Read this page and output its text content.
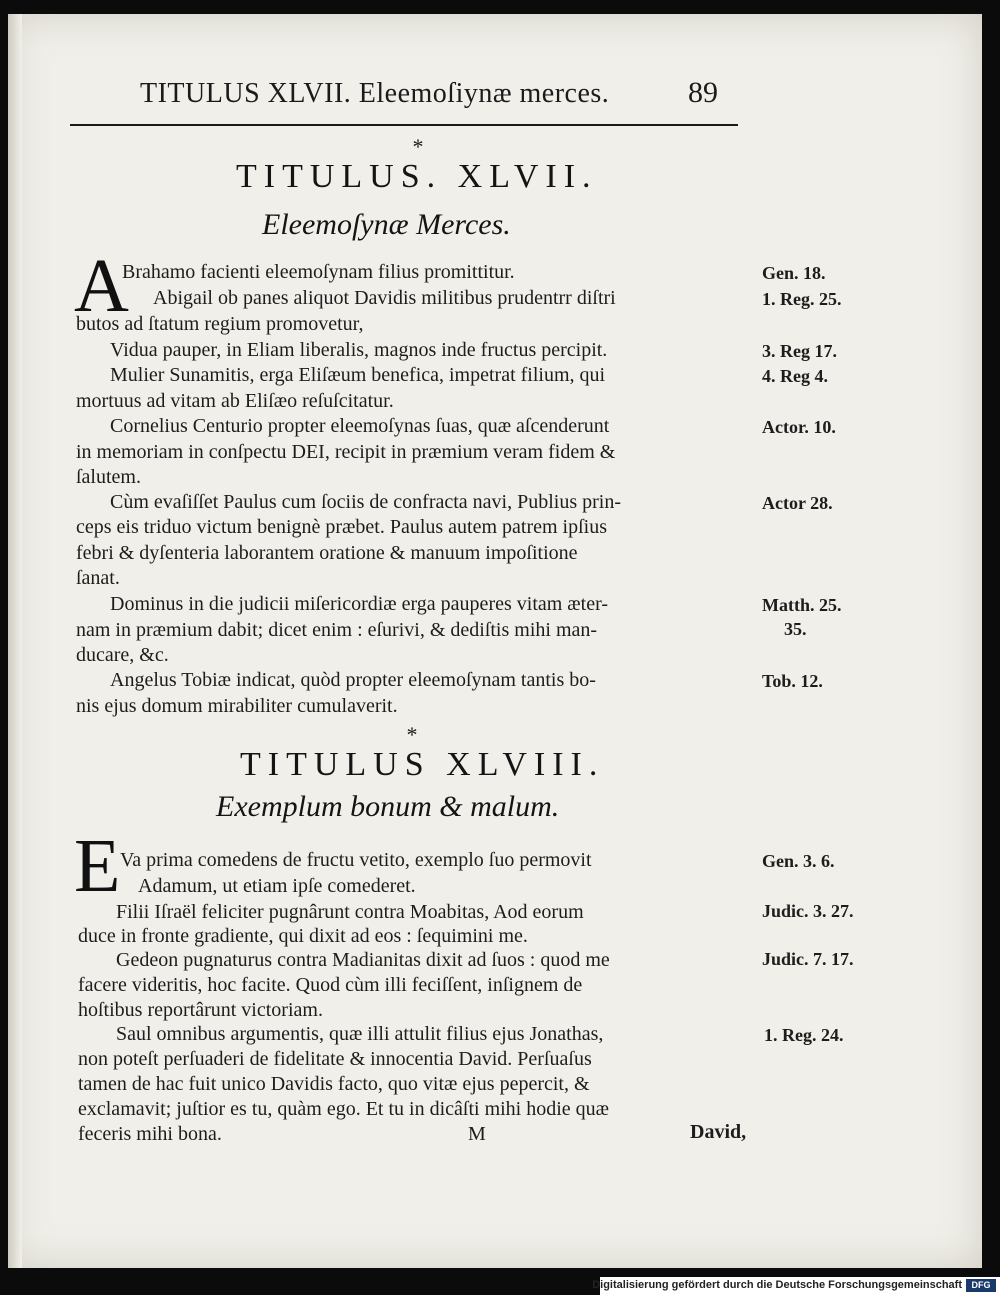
TITULUS XLVII. Eleemoſiynæ merces.	89
*
TITULUS. XLVII.
Eleemoſynæ Merces.
A
Brahamo facienti eleemoſynam filius promittitur.
Abigail ob panes aliquot Davidis militibus prudentrr diſtri
butos ad ſtatum regium promovetur,
Vidua pauper, in Eliam liberalis, magnos inde fructus percipit.
Mulier Sunamitis, erga Eliſæum benefica, impetrat filium, qui
mortuus ad vitam ab Eliſæo reſuſcitatur.
Cornelius Centurio propter eleemoſynas ſuas, quæ aſcenderunt
in memoriam in conſpectu DEI, recipit in præmium veram fidem &
ſalutem.
Cùm evaſiſſet Paulus cum ſociis de confracta navi, Publius prin-
ceps eis triduo victum benignè præbet. Paulus autem patrem ipſius
febri & dyſenteria laborantem oratione & manuum impoſitione
ſanat.
Dominus in die judicii miſericordiæ erga pauperes vitam æter-
nam in præmium dabit; dicet enim : eſurivi, & dediſtis mihi man-
ducare, &c.
Angelus Tobiæ indicat, quòd propter eleemoſynam tantis bo-
nis ejus domum mirabiliter cumulaverit.
Gen. 18.
1. Reg. 25.
3. Reg 17.
4. Reg 4.
Actor. 10.
Actor 28.
Matth. 25.
35.
Tob. 12.
*
TITULUS XLVIII.
Exemplum bonum & malum.
E Va prima comedens de fructu vetito, exemplo ſuo permovit
Adamum, ut etiam ipſe comederet.
Filii Iſraël feliciter pugnârunt contra Moabitas, Aod eorum
duce in fronte gradiente, qui dixit ad eos : ſequimini me.
Gedeon pugnaturus contra Madianitas dixit ad ſuos : quod me
facere videritis, hoc facite. Quod cùm illi feciſſent, inſignem de
hoſtibus reportârunt victoriam.
Saul omnibus argumentis, quæ illi attulit filius ejus Jonathas,
non poteſt perſuaderi de fidelitate & innocentia David. Perſuaſus
tamen de hac fuit unico Davidis facto, quo vitæ ejus pepercit, &
exclamavit; juſtior es tu, quàm ego. Et tu in dicâſti mihi hodie quæ
feceris mihi bona.
Gen. 3. 6.
Judic. 3. 27.
Judic. 7. 17.
1. Reg. 24.
M	David,
Digitalisierung gefördert durch die Deutsche Forschungsgemeinschaft	DFG
